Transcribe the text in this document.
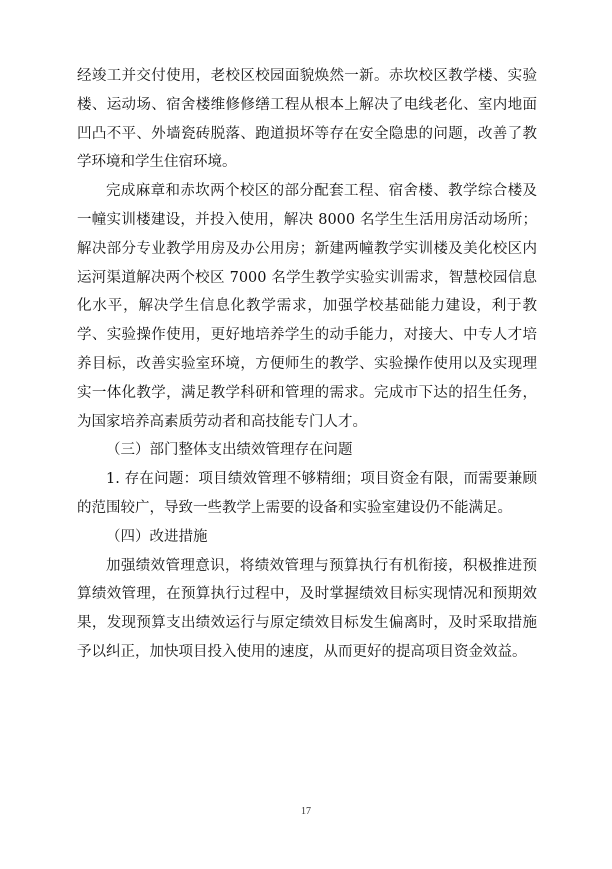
经竣工并交付使用，老校区校园面貌焕然一新。赤坎校区教学楼、实验楼、运动场、宿舍楼维修修缮工程从根本上解决了电线老化、室内地面凹凸不平、外墙瓷砖脱落、跑道损坏等存在安全隐患的问题，改善了教学环境和学生住宿环境。

完成麻章和赤坎两个校区的部分配套工程、宿舍楼、教学综合楼及一幢实训楼建设，并投入使用，解决 8000 名学生生活用房活动场所；解决部分专业教学用房及办公用房；新建两幢教学实训楼及美化校区内运河渠道解决两个校区 7000 名学生教学实验实训需求，智慧校园信息化水平，解决学生信息化教学需求，加强学校基础能力建设，利于教学、实验操作使用，更好地培养学生的动手能力，对接大、中专人才培养目标，改善实验室环境，方便师生的教学、实验操作使用以及实现理实一体化教学，满足教学科研和管理的需求。完成市下达的招生任务，为国家培养高素质劳动者和高技能专门人才。

（三）部门整体支出绩效管理存在问题

1. 存在问题：项目绩效管理不够精细；项目资金有限，而需要兼顾的范围较广，导致一些教学上需要的设备和实验室建设仍不能满足。

（四）改进措施

加强绩效管理意识，将绩效管理与预算执行有机衔接，积极推进预算绩效管理，在预算执行过程中，及时掌握绩效目标实现情况和预期效果，发现预算支出绩效运行与原定绩效目标发生偏离时，及时采取措施予以纠正，加快项目投入使用的速度，从而更好的提高项目资金效益。

17
